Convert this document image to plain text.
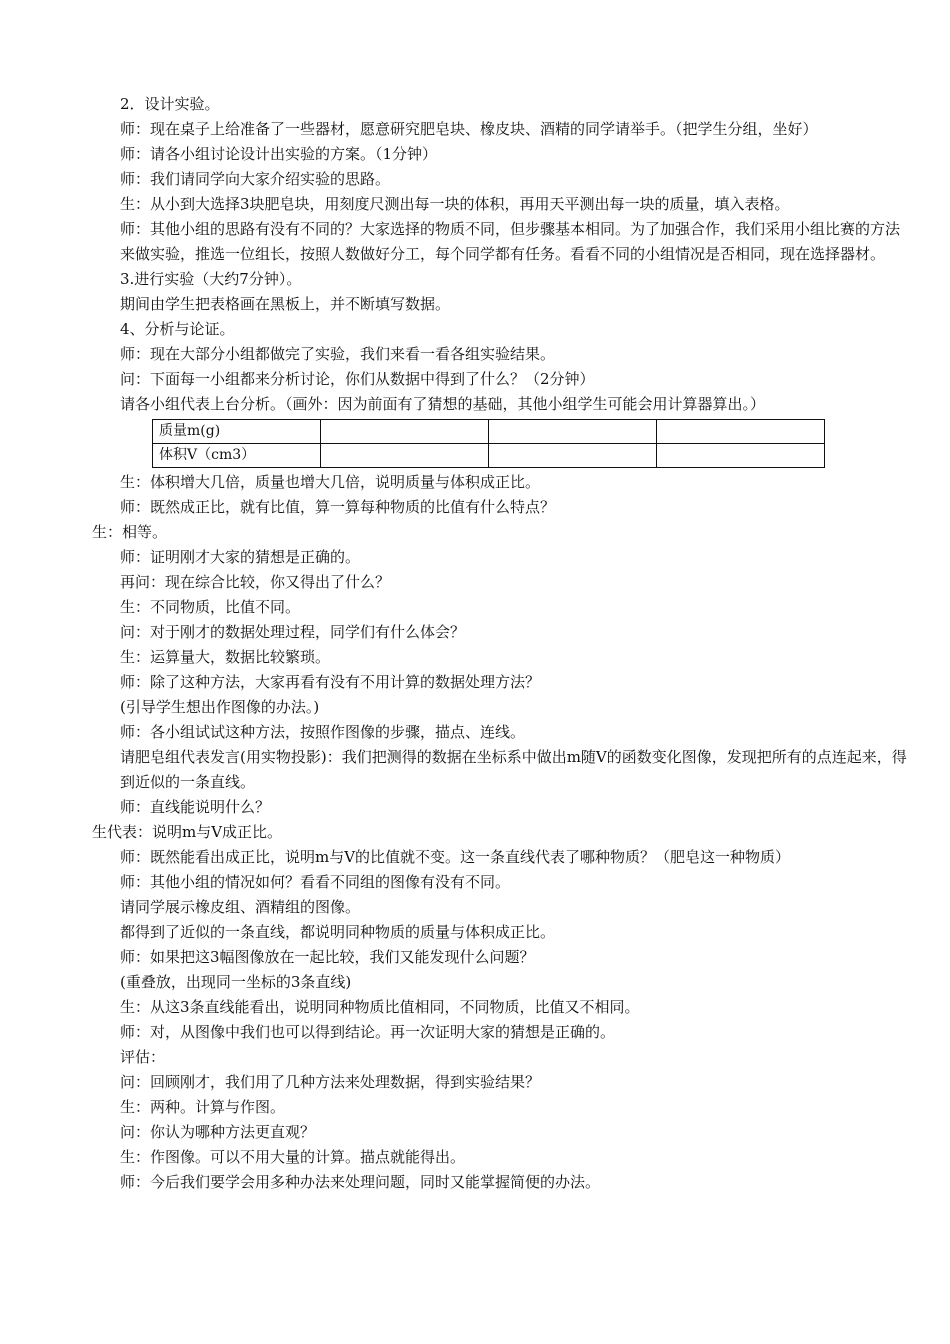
2．设计实验。

师：现在桌子上给准备了一些器材，愿意研究肥皂块、橡皮块、酒精的同学请举手。（把学生分组，坐好）

师：请各小组讨论设计出实验的方案。（1分钟）

师：我们请同学向大家介绍实验的思路。

生：从小到大选择3块肥皂块，用刻度尺测出每一块的体积，再用天平测出每一块的质量，填入表格。

师：其他小组的思路有没有不同的？大家选择的物质不同，但步骤基本相同。为了加强合作，我们采用小组比赛的方法来做实验，推选一位组长，按照人数做好分工，每个同学都有任务。看看不同的小组情况是否相同，现在选择器材。

3.进行实验（大约7分钟）。

期间由学生把表格画在黑板上，并不断填写数据。

4、分析与论证。

师：现在大部分小组都做完了实验，我们来看一看各组实验结果。

问：下面每一小组都来分析讨论，你们从数据中得到了什么？（2分钟）

请各小组代表上台分析。（画外：因为前面有了猜想的基础，其他小组学生可能会用计算器算出。）

质量m(g)			
体积V（cm3）			

生：体积增大几倍，质量也增大几倍，说明质量与体积成正比。

师：既然成正比，就有比值，算一算每种物质的比值有什么特点？

生：相等。

师：证明刚才大家的猜想是正确的。

再问：现在综合比较，你又得出了什么？

生：不同物质，比值不同。

问：对于刚才的数据处理过程，同学们有什么体会？

生：运算量大，数据比较繁琐。

师：除了这种方法，大家再看有没有不用计算的数据处理方法？

(引导学生想出作图像的办法。)

师：各小组试试这种方法，按照作图像的步骤，描点、连线。

请肥皂组代表发言(用实物投影)：我们把测得的数据在坐标系中做出m随V的函数变化图像，发现把所有的点连起来，得到近似的一条直线。

师：直线能说明什么？

生代表：说明m与V成正比。

师：既然能看出成正比，说明m与V的比值就不变。这一条直线代表了哪种物质？（肥皂这一种物质）

师：其他小组的情况如何？看看不同组的图像有没有不同。

请同学展示橡皮组、酒精组的图像。

都得到了近似的一条直线，都说明同种物质的质量与体积成正比。

师：如果把这3幅图像放在一起比较，我们又能发现什么问题？

(重叠放，出现同一坐标的3条直线)

生：从这3条直线能看出，说明同种物质比值相同，不同物质，比值又不相同。

师：对，从图像中我们也可以得到结论。再一次证明大家的猜想是正确的。

评估：

问：回顾刚才，我们用了几种方法来处理数据，得到实验结果？

生：两种。计算与作图。

问：你认为哪种方法更直观？

生：作图像。可以不用大量的计算。描点就能得出。

师：今后我们要学会用多种办法来处理问题，同时又能掌握简便的办法。
